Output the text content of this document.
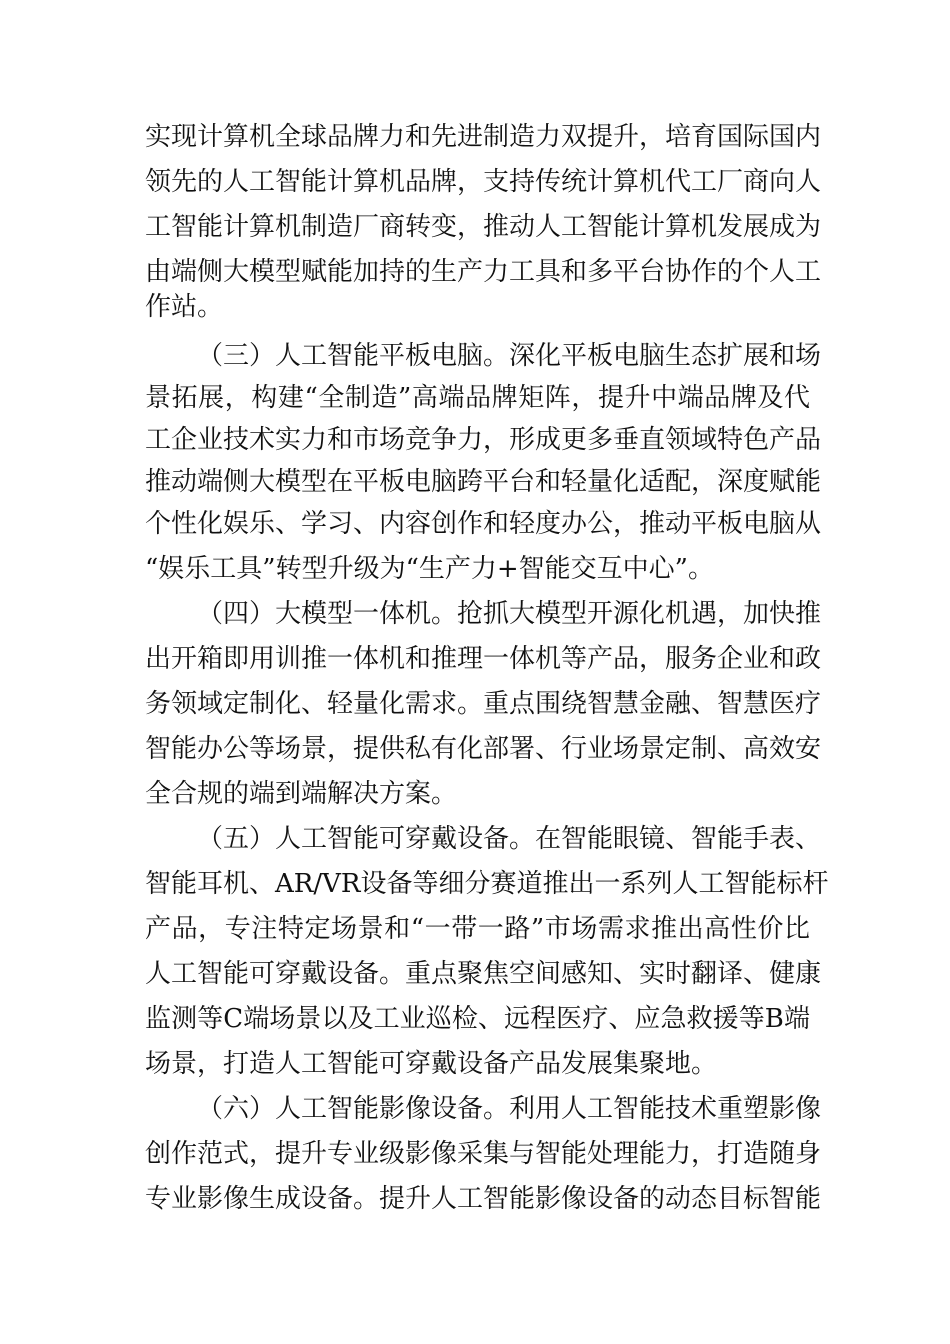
实现计算机全球品牌力和先进制造力双提升，培育国际国内
领先的人工智能计算机品牌，支持传统计算机代工厂商向人
工智能计算机制造厂商转变，推动人工智能计算机发展成为
由端侧大模型赋能加持的生产力工具和多平台协作的个人工
作站。
（三）人工智能平板电脑。深化平板电脑生态扩展和场
景拓展，构建“全制造”高端品牌矩阵，提升中端品牌及代
工企业技术实力和市场竞争力，形成更多垂直领域特色产品
推动端侧大模型在平板电脑跨平台和轻量化适配，深度赋能
个性化娱乐、学习、内容创作和轻度办公，推动平板电脑从
“娱乐工具”转型升级为“生产力+智能交互中心”。
（四）大模型一体机。抢抓大模型开源化机遇，加快推
出开箱即用训推一体机和推理一体机等产品，服务企业和政
务领域定制化、轻量化需求。重点围绕智慧金融、智慧医疗
智能办公等场景，提供私有化部署、行业场景定制、高效安
全合规的端到端解决方案。
（五）人工智能可穿戴设备。在智能眼镜、智能手表、
智能耳机、AR/VR设备等细分赛道推出一系列人工智能标杆
产品，专注特定场景和“一带一路”市场需求推出高性价比
人工智能可穿戴设备。重点聚焦空间感知、实时翻译、健康
监测等C端场景以及工业巡检、远程医疗、应急救援等B端
场景，打造人工智能可穿戴设备产品发展集聚地。
（六）人工智能影像设备。利用人工智能技术重塑影像
创作范式，提升专业级影像采集与智能处理能力，打造随身
专业影像生成设备。提升人工智能影像设备的动态目标智能
